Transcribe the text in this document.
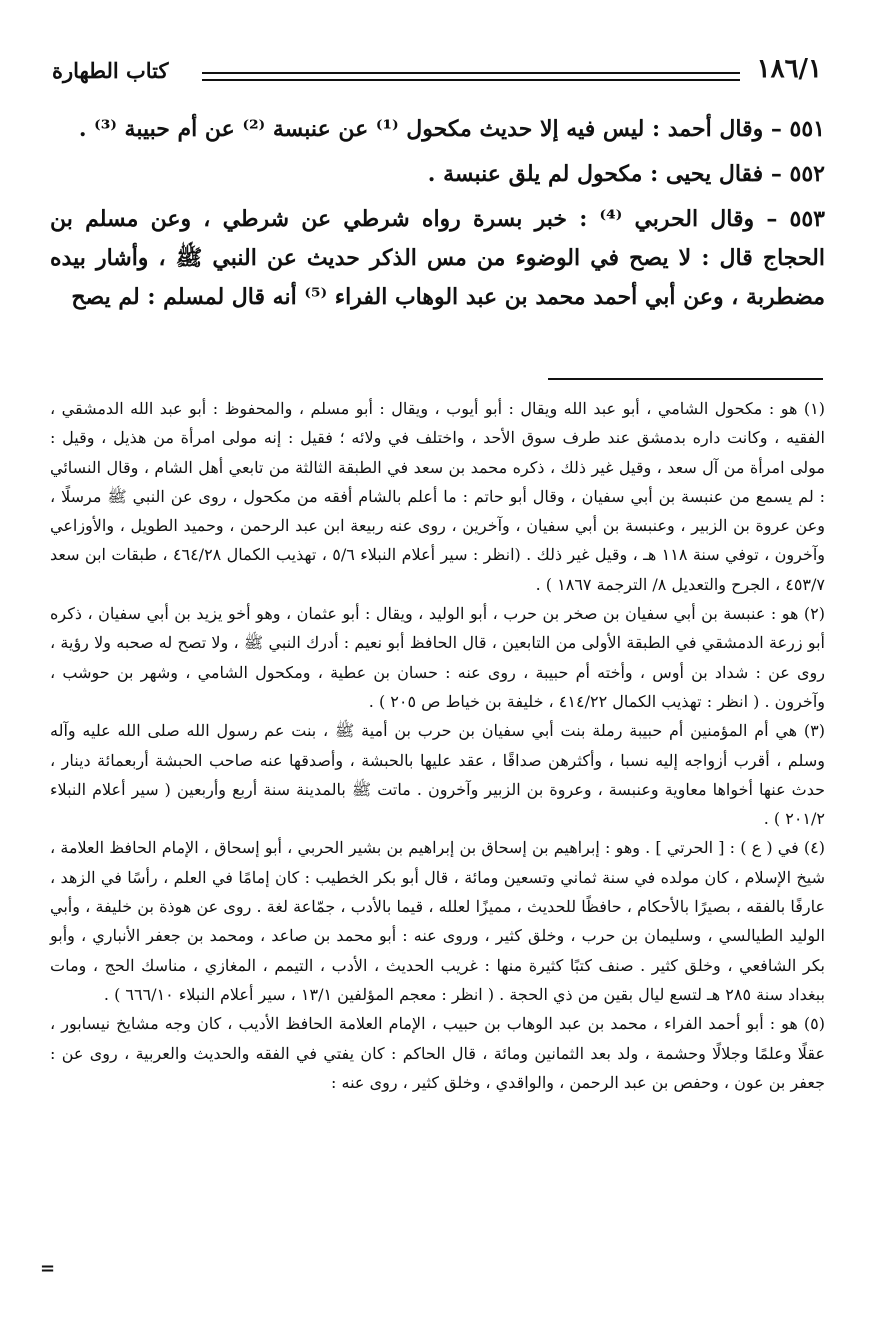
١٨٦/١
كتاب الطهارة

٥٥١ – وقال أحمد : ليس فيه إلا حديث مكحول ⁽¹⁾ عن عنبسة ⁽²⁾ عن أم حبيبة ⁽³⁾ .

٥٥٢ – فقال يحيى : مكحول لم يلق عنبسة .

٥٥٣ – وقال الحربي ⁽⁴⁾ : خبر بسرة رواه شرطي عن شرطي ، وعن مسلم بن الحجاج قال : لا يصح في الوضوء من مس الذكر حديث عن النبي ﷺ ، وأشار بيده مضطربة ، وعن أبي أحمد محمد بن عبد الوهاب الفراء ⁽⁵⁾ أنه قال لمسلم : لم يصح

(١) هو : مكحول الشامي ، أبو عبد الله ويقال : أبو أيوب ، ويقال : أبو مسلم ، والمحفوظ : أبو عبد الله الدمشقي ، الفقيه ، وكانت داره بدمشق عند طرف سوق الأحد ، واختلف في ولائه ؛ فقيل : إنه مولى امرأة من هذيل ، وقيل : مولى امرأة من آل سعد ، وقيل غير ذلك ، ذكره محمد بن سعد في الطبقة الثالثة من تابعي أهل الشام ، وقال النسائي : لم يسمع من عنبسة بن أبي سفيان ، وقال أبو حاتم : ما أعلم بالشام أفقه من مكحول ، روى عن النبي ﷺ مرسلًا ، وعن عروة بن الزبير ، وعنبسة بن أبي سفيان ، وآخرين ، روى عنه ربيعة ابن عبد الرحمن ، وحميد الطويل ، والأوزاعي وآخرون ، توفي سنة ١١٨ هـ ، وقيل غير ذلك . (انظر : سير أعلام النبلاء ٥/٦ ، تهذيب الكمال ٤٦٤/٢٨ ، طبقات ابن سعد ٤٥٣/٧ ، الجرح والتعديل ٨/ الترجمة ١٨٦٧ ) .

(٢) هو : عنبسة بن أبي سفيان بن صخر بن حرب ، أبو الوليد ، ويقال : أبو عثمان ، وهو أخو يزيد بن أبي سفيان ، ذكره أبو زرعة الدمشقي في الطبقة الأولى من التابعين ، قال الحافظ أبو نعيم : أدرك النبي ﷺ ، ولا تصح له صحبه ولا رؤية ، روى عن : شداد بن أوس ، وأخته أم حبيبة ، روى عنه : حسان بن عطية ، ومكحول الشامي ، وشهر بن حوشب ، وآخرون . ( انظر : تهذيب الكمال ٤١٤/٢٢ ، خليفة بن خياط ص ٢٠٥ ) .

(٣) هي أم المؤمنين أم حبيبة رملة بنت أبي سفيان بن حرب بن أمية ﷺ ، بنت عم رسول الله صلى الله عليه وآله وسلم ، أقرب أزواجه إليه نسبا ، وأكثرهن صداقًا ، عقد عليها بالحبشة ، وأصدقها عنه صاحب الحبشة أربعمائة دينار ، حدث عنها أخواها معاوية وعنبسة ، وعروة بن الزبير وآخرون . ماتت ﷺ بالمدينة سنة أربع وأربعين ( سير أعلام النبلاء ٢٠١/٢ ) .

(٤) في ( ع ) : [ الحرتي ] . وهو : إبراهيم بن إسحاق بن إبراهيم بن بشير الحربي ، أبو إسحاق ، الإمام الحافظ العلامة ، شيخ الإسلام ، كان مولده في سنة ثماني وتسعين ومائة ، قال أبو بكر الخطيب : كان إمامًا في العلم ، رأسًا في الزهد ، عارفًا بالفقه ، بصيرًا بالأحكام ، حافظًا للحديث ، مميزًا لعلله ، قيما بالأدب ، جمّاعة لغة . روى عن هوذة بن خليفة ، وأبي الوليد الطيالسي ، وسليمان بن حرب ، وخلق كثير ، وروى عنه : أبو محمد بن صاعد ، ومحمد بن جعفر الأنباري ، وأبو بكر الشافعي ، وخلق كثير . صنف كتبًا كثيرة منها : غريب الحديث ، الأدب ، التيمم ، المغازي ، مناسك الحج ، ومات ببغداد سنة ٢٨٥ هـ لتسع ليال بقين من ذي الحجة . ( انظر : معجم المؤلفين ١٣/١ ، سير أعلام النبلاء ٦٦٦/١٠ ) .

(٥) هو : أبو أحمد الفراء ، محمد بن عبد الوهاب بن حبيب ، الإمام العلامة الحافظ الأديب ، كان وجه مشايخ نيسابور ، عقلًا وعلمًا وجلالًا وحشمة ، ولد بعد الثمانين ومائة ، قال الحاكم : كان يفتي في الفقه والحديث والعربية ، روى عن : جعفر بن عون ، وحفص بن عبد الرحمن ، والواقدي ، وخلق كثير ، روى عنه :

=
